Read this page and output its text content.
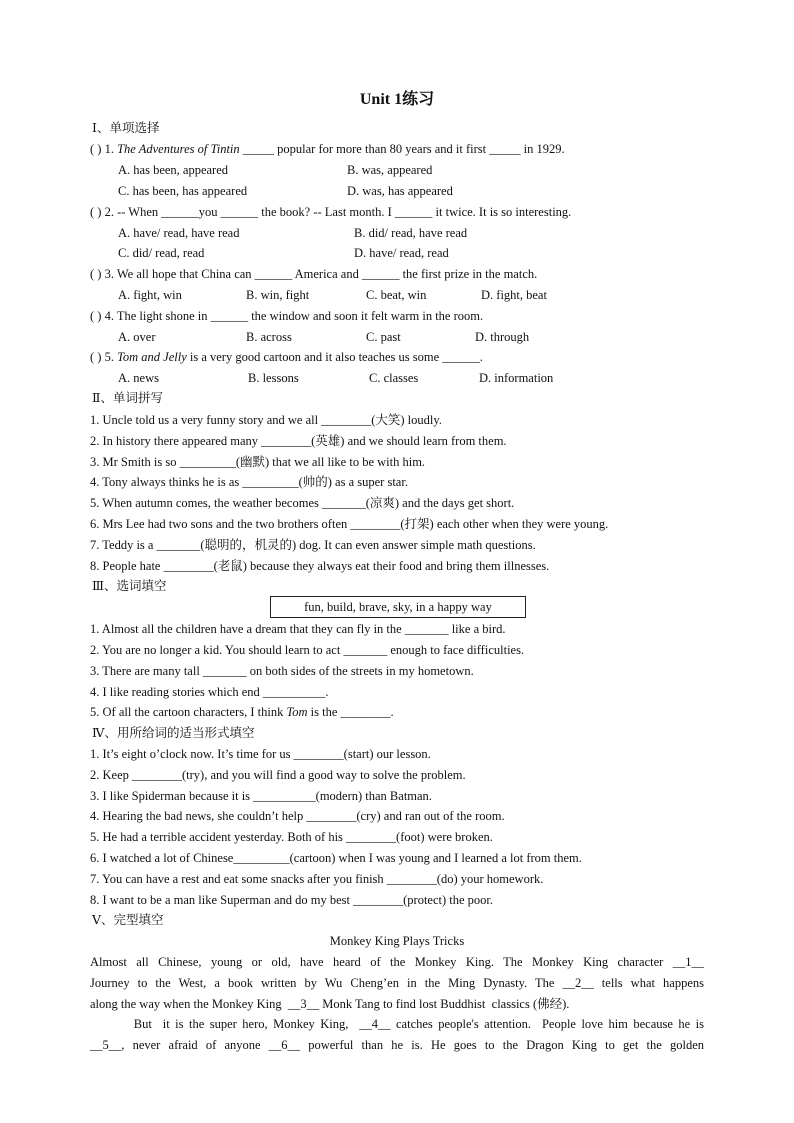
Unit 1练习
Ⅰ、单项选择
( ) 1. The Adventures of Tintin _____ popular for more than 80 years and it first _____ in 1929.
A. has been, appeared	B. was, appeared
C. has been, has appeared	D. was, has appeared
( ) 2. -- When ______you ______ the book? -- Last month. I ______ it twice. It is so interesting.
A. have/ read, have read	B. did/ read, have read
C. did/ read, read	D. have/ read, read
( ) 3. We all hope that China can ______ America and ______ the first prize in the match.
A. fight, win	B. win, fight	C. beat, win	D. fight, beat
( ) 4. The light shone in ______ the window and soon it felt warm in the room.
A. over	B. across	C. past	D. through
( ) 5. Tom and Jelly is a very good cartoon and it also teaches us some ______.
A. news	B. lessons	C. classes	D. information
Ⅱ、单词拼写
1. Uncle told us a very funny story and we all ________(大笑) loudly.
2. In history there appeared many ________(英雄) and we should learn from them.
3. Mr Smith is so _________(幽默) that we all like to be with him.
4. Tony always thinks he is as _________(帅的) as a super star.
5. When autumn comes, the weather becomes _______(凉爽) and the days get short.
6. Mrs Lee had two sons and the two brothers often ________(打架) each other when they were young.
7. Teddy is a _______(聪明的，机灵的) dog. It can even answer simple math questions.
8. People hate ________(老鼠) because they always eat their food and bring them illnesses.
Ⅲ、选词填空
fun, build, brave, sky, in a happy way
1. Almost all the children have a dream that they can fly in the _______ like a bird.
2. You are no longer a kid. You should learn to act _______ enough to face difficulties.
3. There are many tall _______ on both sides of the streets in my hometown.
4. I like reading stories which end __________.
5. Of all the cartoon characters, I think Tom is the ________.
Ⅳ、用所给词的适当形式填空
1. It’s eight o’clock now. It’s time for us ________(start) our lesson.
2. Keep ________(try), and you will find a good way to solve the problem.
3. I like Spiderman because it is __________(modern) than Batman.
4. Hearing the bad news, she couldn’t help ________(cry) and ran out of the room.
5. He had a terrible accident yesterday. Both of his ________(foot) were broken.
6. I watched a lot of Chinese_________(cartoon) when I was young and I learned a lot from them.
7. You can have a rest and eat some snacks after you finish ________(do) your homework.
8. I want to be a man like Superman and do my best ________(protect) the poor.
Ⅴ、完型填空
Monkey King Plays Tricks
Almost all Chinese, young or old, have heard of the Monkey King. The Monkey King character __1__
Journey to the West, a book written by Wu Cheng’en in the Ming Dynasty. The __2__ tells what happens
along the way when the Monkey King  __3__ Monk Tang to find lost Buddhist  classics (佛经).
But  it is the super hero, Monkey King,  __4__ catches people's attention.  People love him because he is
__5__, never afraid of anyone __6__ powerful than he is. He goes to the Dragon King to get the golden
